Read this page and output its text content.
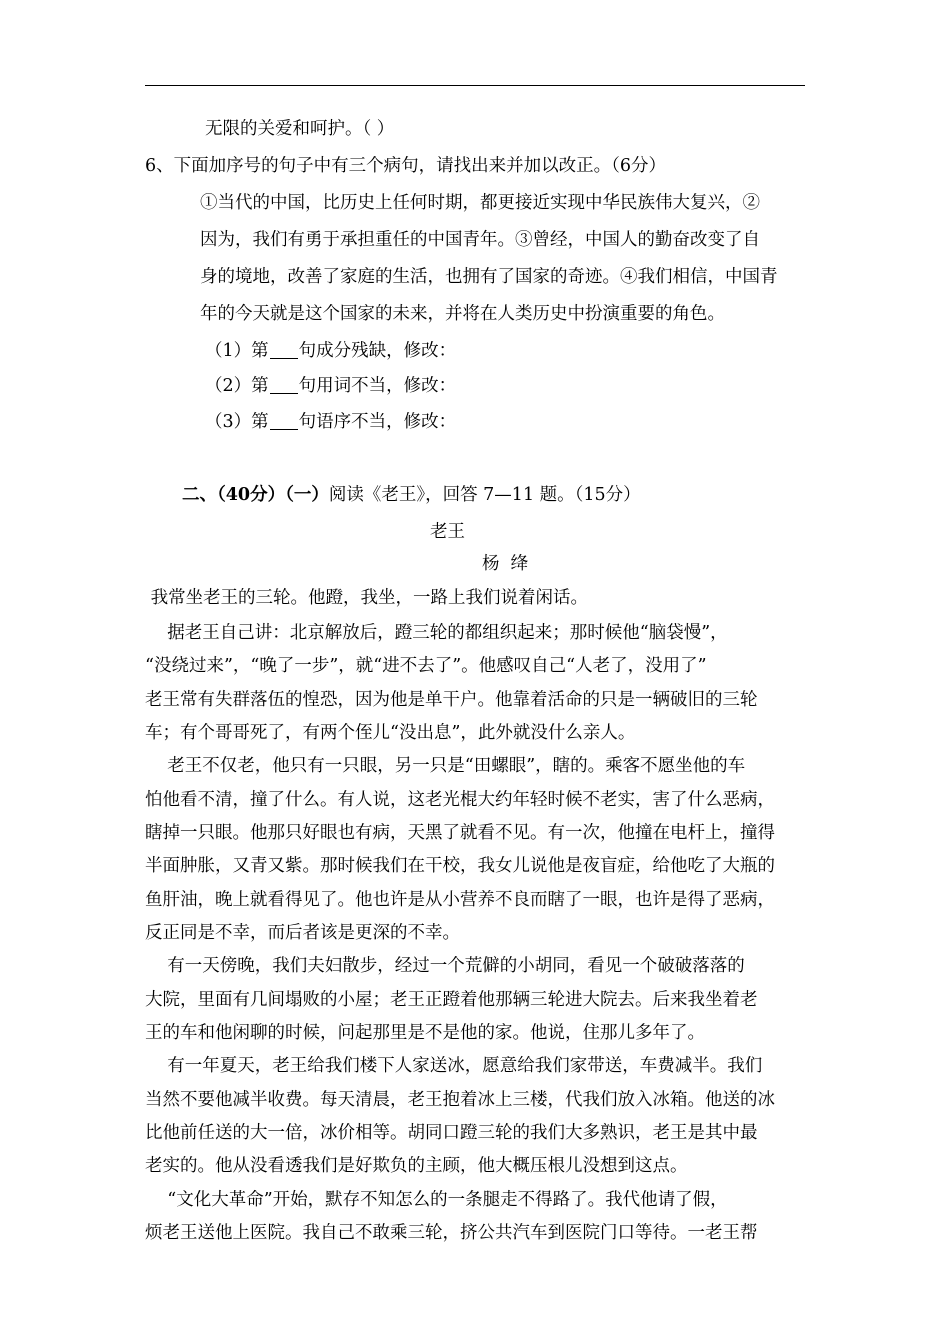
无限的关爱和呵护。（ ）
6、下面加序号的句子中有三个病句，请找出来并加以改正。（6分）
①当代的中国，比历史上任何时期，都更接近实现中华民族伟大复兴，②
因为，我们有勇于承担重任的中国青年。③曾经，中国人的勤奋改变了自
身的境地，改善了家庭的生活，也拥有了国家的奇迹。④我们相信，中国青
年的今天就是这个国家的未来，并将在人类历史中扮演重要的角色。
（1）第 句成分残缺，修改：
（2）第 句用词不当，修改：
（3）第 句语序不当，修改：
二、（40分）（一）阅读《老王》，回答 7—11 题。（15分）
老王
杨  绛
我常坐老王的三轮。他蹬，我坐，一路上我们说着闲话。
据老王自己讲：北京解放后，蹬三轮的都组织起来；那时候他“脑袋慢”，
“没绕过来”，“晚了一步”，就“进不去了”。他感叹自己“人老了，没用了”
老王常有失群落伍的惶恐，因为他是单干户。他靠着活命的只是一辆破旧的三轮
车；有个哥哥死了，有两个侄儿“没出息”，此外就没什么亲人。
老王不仅老，他只有一只眼，另一只是“田螺眼”，瞎的。乘客不愿坐他的车
怕他看不清，撞了什么。有人说，这老光棍大约年轻时候不老实，害了什么恶病，
瞎掉一只眼。他那只好眼也有病，天黑了就看不见。有一次，他撞在电杆上，撞得
半面肿胀，又青又紫。那时候我们在干校，我女儿说他是夜盲症，给他吃了大瓶的
鱼肝油，晚上就看得见了。他也许是从小营养不良而瞎了一眼，也许是得了恶病，
反正同是不幸，而后者该是更深的不幸。
有一天傍晚，我们夫妇散步，经过一个荒僻的小胡同，看见一个破破落落的
大院，里面有几间塌败的小屋；老王正蹬着他那辆三轮进大院去。后来我坐着老
王的车和他闲聊的时候，问起那里是不是他的家。他说，住那儿多年了。
有一年夏天，老王给我们楼下人家送冰，愿意给我们家带送，车费减半。我们
当然不要他减半收费。每天清晨，老王抱着冰上三楼，代我们放入冰箱。他送的冰
比他前任送的大一倍，冰价相等。胡同口蹬三轮的我们大多熟识，老王是其中最
老实的。他从没看透我们是好欺负的主顾，他大概压根儿没想到这点。
“文化大革命”开始，默存不知怎么的一条腿走不得路了。我代他请了假，
烦老王送他上医院。我自己不敢乘三轮，挤公共汽车到医院门口等待。一老王帮
